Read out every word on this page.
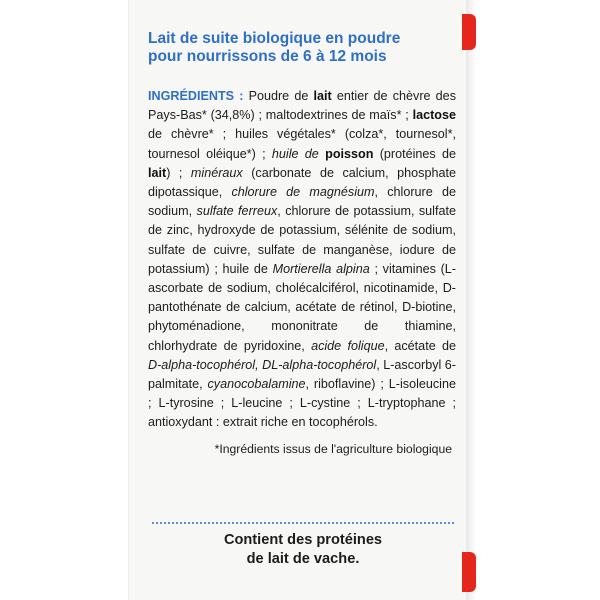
Lait de suite biologique en poudre
pour nourrissons de 6 à 12 mois
INGRÉDIENTS : Poudre de lait entier de chèvre des Pays-Bas* (34,8%) ; maltodextrines de maïs* ; lactose de chèvre* ; huiles végétales* (colza*, tournesol*, tournesol oléique*) ; huile de poisson (protéines de lait) ; minéraux (carbonate de calcium, phosphate dipotassique, chlorure de magnésium, chlorure de sodium, sulfate ferreux, chlorure de potassium, sulfate de zinc, hydroxyde de potassium, sélénite de sodium, sulfate de cuivre, sulfate de manganèse, iodure de potassium) ; huile de Mortierella alpina ; vitamines (L-ascorbate de sodium, cholécalciférol, nicotinamide, D-pantothénate de calcium, acétate de rétinol, D-biotine, phytoménadione, mononitrate de thiamine, chlorhydrate de pyridoxine, acide folique, acétate de D-alpha-tocophérol, DL-alpha-tocophérol, L-ascorbyl 6-palmitate, cyanocobalamine, riboflavine) ; L-isoleucine ; L-tyrosine ; L-leucine ; L-cystine ; L-tryptophane ; antioxydant : extrait riche en tocophérols.
*Ingrédients issus de l'agriculture biologique
Contient des protéines
de lait de vache.
